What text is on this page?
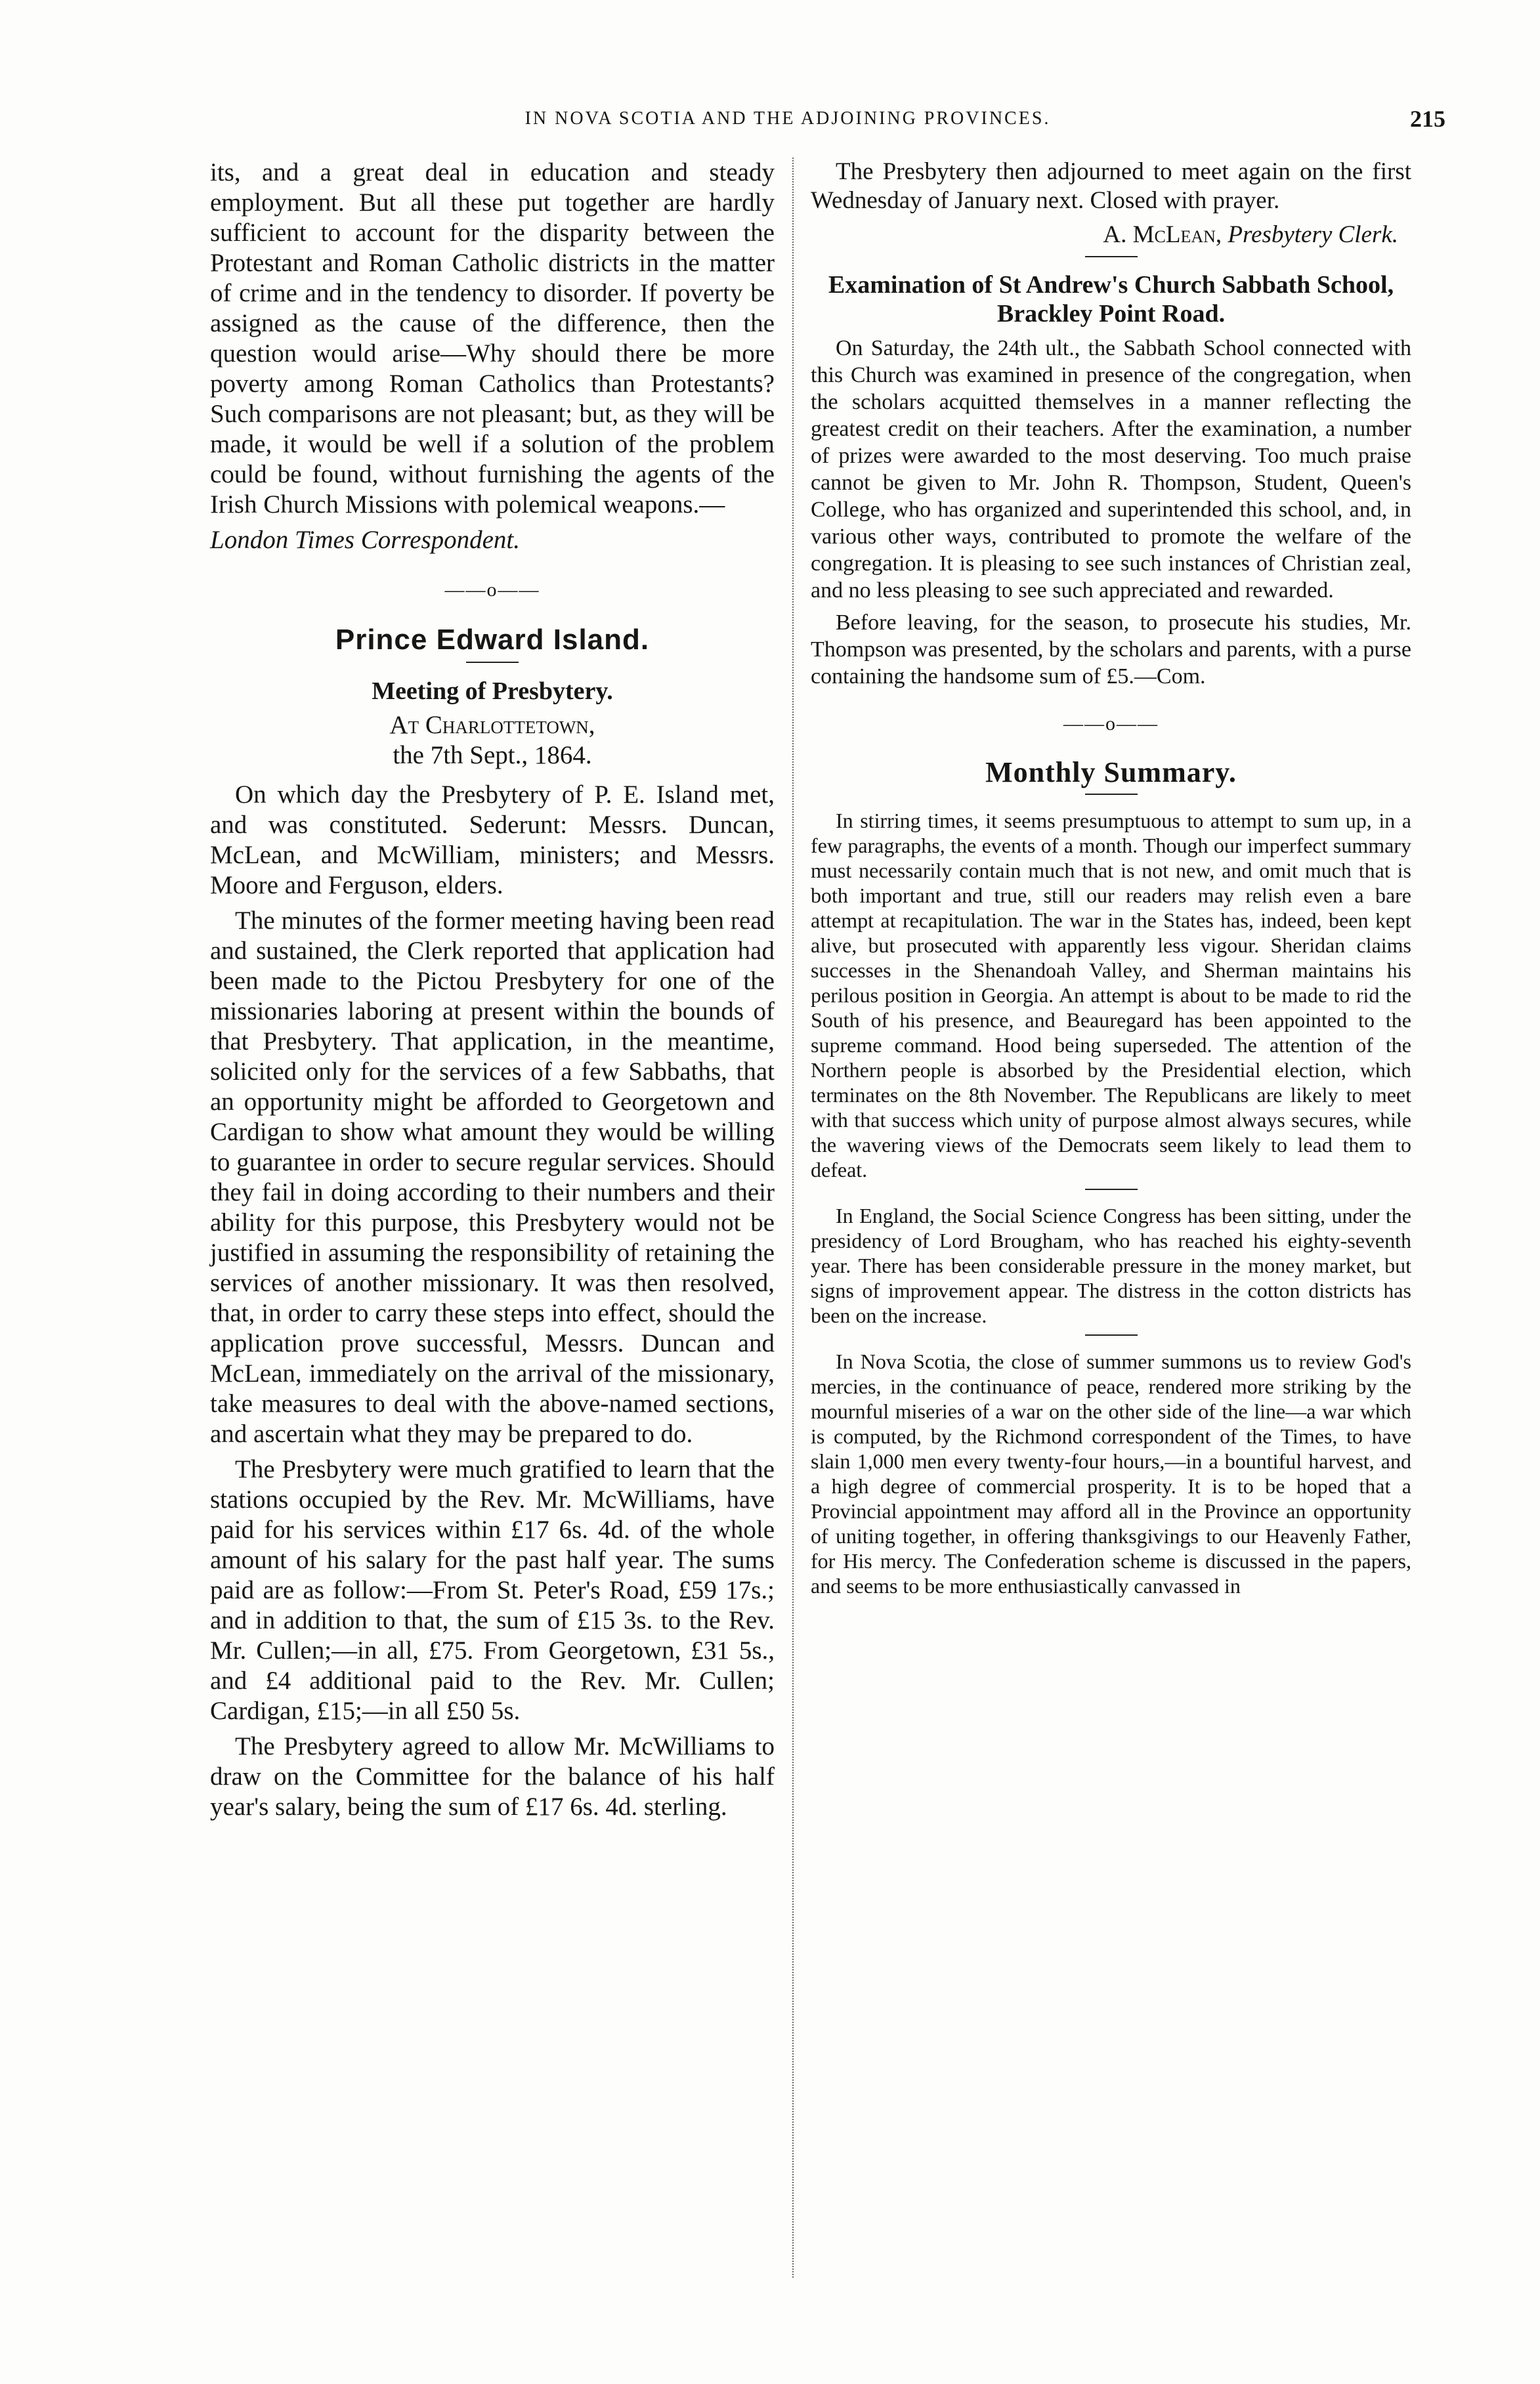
IN NOVA SCOTIA AND THE ADJOINING PROVINCES.	215

its, and a great deal in education and steady employment. But all these put together are hardly sufficient to account for the disparity between the Protestant and Roman Catholic districts in the matter of crime and in the tendency to disorder. If poverty be assigned as the cause of the difference, then the question would arise—Why should there be more poverty among Roman Catholics than Protestants? Such comparisons are not pleasant; but, as they will be made, it would be well if a solution of the problem could be found, without furnishing the agents of the Irish Church Missions with polemical weapons.—

London Times Correspondent.

——o——
Prince Edward Island.
Meeting of Presbytery.

At Charlottetown,

the 7th Sept., 1864.

On which day the Presbytery of P. E. Island met, and was constituted. Sederunt: Messrs. Duncan, McLean, and McWilliam, ministers; and Messrs. Moore and Ferguson, elders.

The minutes of the former meeting having been read and sustained, the Clerk reported that application had been made to the Pictou Presbytery for one of the missionaries laboring at present within the bounds of that Presbytery. That application, in the meantime, solicited only for the services of a few Sabbaths, that an opportunity might be afforded to Georgetown and Cardigan to show what amount they would be willing to guarantee in order to secure regular services. Should they fail in doing according to their numbers and their ability for this purpose, this Presbytery would not be justified in assuming the responsibility of retaining the services of another missionary. It was then resolved, that, in order to carry these steps into effect, should the application prove successful, Messrs. Duncan and McLean, immediately on the arrival of the missionary, take measures to deal with the above-named sections, and ascertain what they may be prepared to do.

The Presbytery were much gratified to learn that the stations occupied by the Rev. Mr. McWilliams, have paid for his services within £17 6s. 4d. of the whole amount of his salary for the past half year. The sums paid are as follow:—From St. Peter's Road, £59 17s.; and in addition to that, the sum of £15 3s. to the Rev. Mr. Cullen;—in all, £75. From Georgetown, £31 5s., and £4 additional paid to the Rev. Mr. Cullen; Cardigan, £15;—in all £50 5s.

The Presbytery agreed to allow Mr. McWilliams to draw on the Committee for the balance of his half year's salary, being the sum of £17 6s. 4d. sterling.

The Presbytery then adjourned to meet again on the first Wednesday of January next. Closed with prayer.

A. McLean, Presbytery Clerk.

Examination of St Andrew's Church Sabbath School, Brackley Point Road.

On Saturday, the 24th ult., the Sabbath School connected with this Church was examined in presence of the congregation, when the scholars acquitted themselves in a manner reflecting the greatest credit on their teachers. After the examination, a number of prizes were awarded to the most deserving. Too much praise cannot be given to Mr. John R. Thompson, Student, Queen's College, who has organized and superintended this school, and, in various other ways, contributed to promote the welfare of the congregation. It is pleasing to see such instances of Christian zeal, and no less pleasing to see such appreciated and rewarded.

Before leaving, for the season, to prosecute his studies, Mr. Thompson was presented, by the scholars and parents, with a purse containing the handsome sum of £5.—Com.

——o——
Monthly Summary.

In stirring times, it seems presumptuous to attempt to sum up, in a few paragraphs, the events of a month. Though our imperfect summary must necessarily contain much that is not new, and omit much that is both important and true, still our readers may relish even a bare attempt at recapitulation. The war in the States has, indeed, been kept alive, but prosecuted with apparently less vigour. Sheridan claims successes in the Shenandoah Valley, and Sherman maintains his perilous position in Georgia. An attempt is about to be made to rid the South of his presence, and Beauregard has been appointed to the supreme command. Hood being superseded. The attention of the Northern people is absorbed by the Presidential election, which terminates on the 8th November. The Republicans are likely to meet with that success which unity of purpose almost always secures, while the wavering views of the Democrats seem likely to lead them to defeat.

In England, the Social Science Congress has been sitting, under the presidency of Lord Brougham, who has reached his eighty-seventh year. There has been considerable pressure in the money market, but signs of improvement appear. The distress in the cotton districts has been on the increase.

In Nova Scotia, the close of summer summons us to review God's mercies, in the continuance of peace, rendered more striking by the mournful miseries of a war on the other side of the line—a war which is computed, by the Richmond correspondent of the Times, to have slain 1,000 men every twenty-four hours,—in a bountiful harvest, and a high degree of commercial prosperity. It is to be hoped that a Provincial appointment may afford all in the Province an opportunity of uniting together, in offering thanksgivings to our Heavenly Father, for His mercy. The Confederation scheme is discussed in the papers, and seems to be more enthusiastically canvassed in
